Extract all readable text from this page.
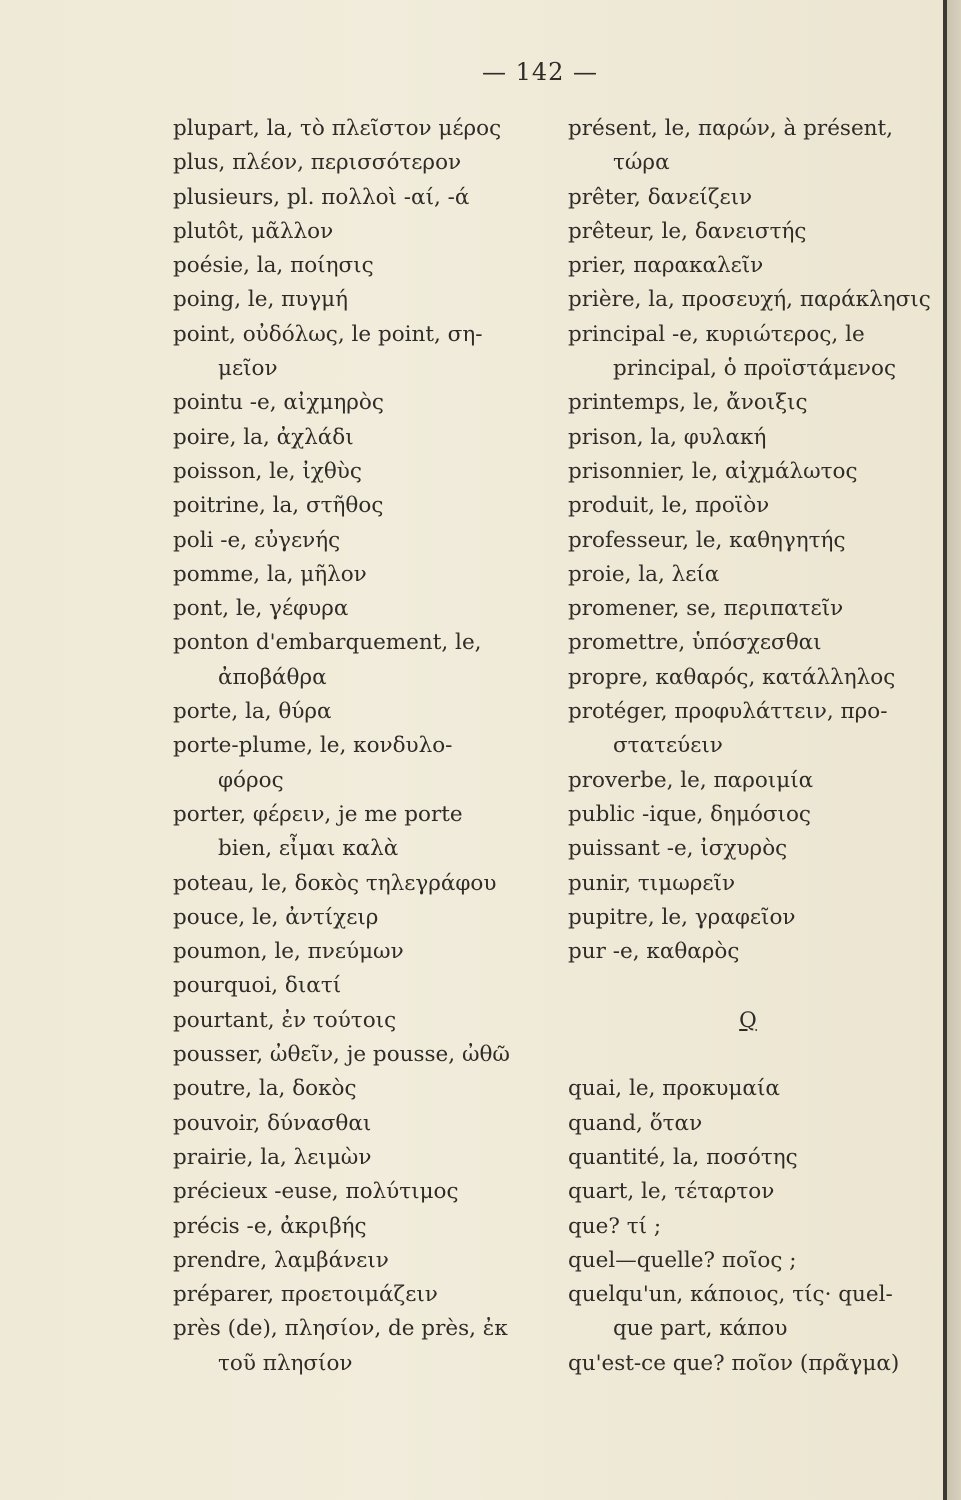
— 142 —
plupart, la, τὸ πλεῖστον μέρος
plus, πλέον, περισσότερον
plusieurs, pl. πολλοὶ -αί, -ά
plutôt, μᾶλλον
poésie, la, ποίησις
poing, le, πυγμή
point, οὐδόλως, le point, ση-
μεῖον
pointu -e, αἰχμηρὸς
poire, la, ἀχλάδι
poisson, le, ἰχθὺς
poitrine, la, στῆθος
poli -e, εὐγενής
pomme, la, μῆλον
pont, le, γέφυρα
ponton d'embarquement, le,
ἀποβάθρα
porte, la, θύρα
porte-plume, le, κονδυλο-
φόρος
porter, φέρειν, je me porte
bien, εἶμαι καλὰ
poteau, le, δοκὸς τηλεγράφου
pouce, le, ἀντίχειρ
poumon, le, πνεύμων
pourquoi, διατί
pourtant, ἐν τούτοις
pousser, ὠθεῖν, je pousse, ὠθῶ
poutre, la, δοκὸς
pouvoir, δύνασθαι
prairie, la, λειμὼν
précieux -euse, πολύτιμος
précis -e, ἀκριβής
prendre, λαμβάνειν
préparer, προετοιμάζειν
près (de), πλησίον, de près, ἐκ
τοῦ πλησίον
présent, le, παρών, à présent,
τώρα
prêter, δανείζειν
prêteur, le, δανειστής
prier, παρακαλεῖν
prière, la, προσευχή, παράκλησις
principal -e, κυριώτερος, le
principal, ὁ προϊστάμενος
printemps, le, ἄνοιξις
prison, la, φυλακή
prisonnier, le, αἰχμάλωτος
produit, le, προϊὸν
professeur, le, καθηγητής
proie, la, λεία
promener, se, περιπατεῖν
promettre, ὑπόσχεσθαι
propre, καθαρός, κατάλληλος
protéger, προφυλάττειν, προ-
στατεύειν
proverbe, le, παροιμία
public -ique, δημόσιος
puissant -e, ἰσχυρὸς
punir, τιμωρεῖν
pupitre, le, γραφεῖον
pur -e, καθαρὸς
Q
quai, le, προκυμαία
quand, ὅταν
quantité, la, ποσότης
quart, le, τέταρτον
que? τί ;
quel—quelle? ποῖος ;
quelqu'un, κάποιος, τίς· quel-
que part, κάπου
qu'est-ce que? ποῖον (πρᾶγμα)
